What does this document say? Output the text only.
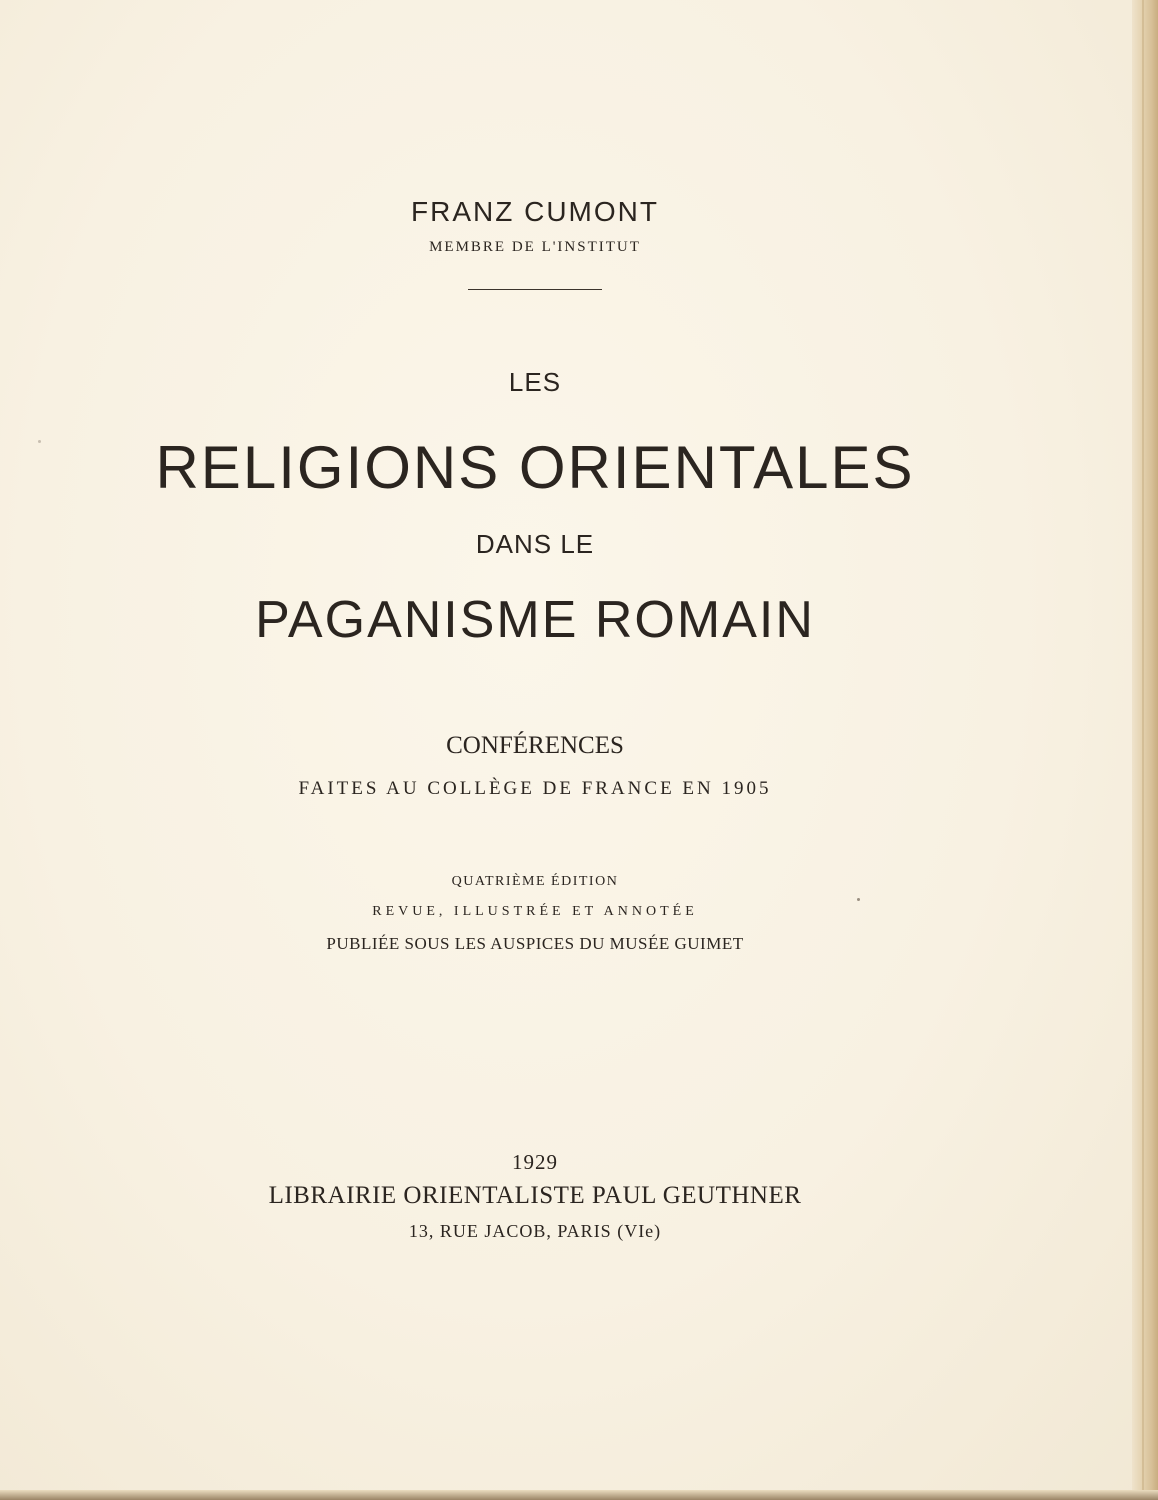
FRANZ CUMONT
MEMBRE DE L'INSTITUT
LES
RELIGIONS ORIENTALES
DANS LE
PAGANISME ROMAIN
CONFÉRENCES
FAITES AU COLLÈGE DE FRANCE EN 1905
QUATRIÈME ÉDITION
REVUE, ILLUSTRÉE ET ANNOTÉE
PUBLIÉE SOUS LES AUSPICES DU MUSÉE GUIMET
1929
LIBRAIRIE ORIENTALISTE PAUL GEUTHNER
13, RUE JACOB, PARIS (VIe)
